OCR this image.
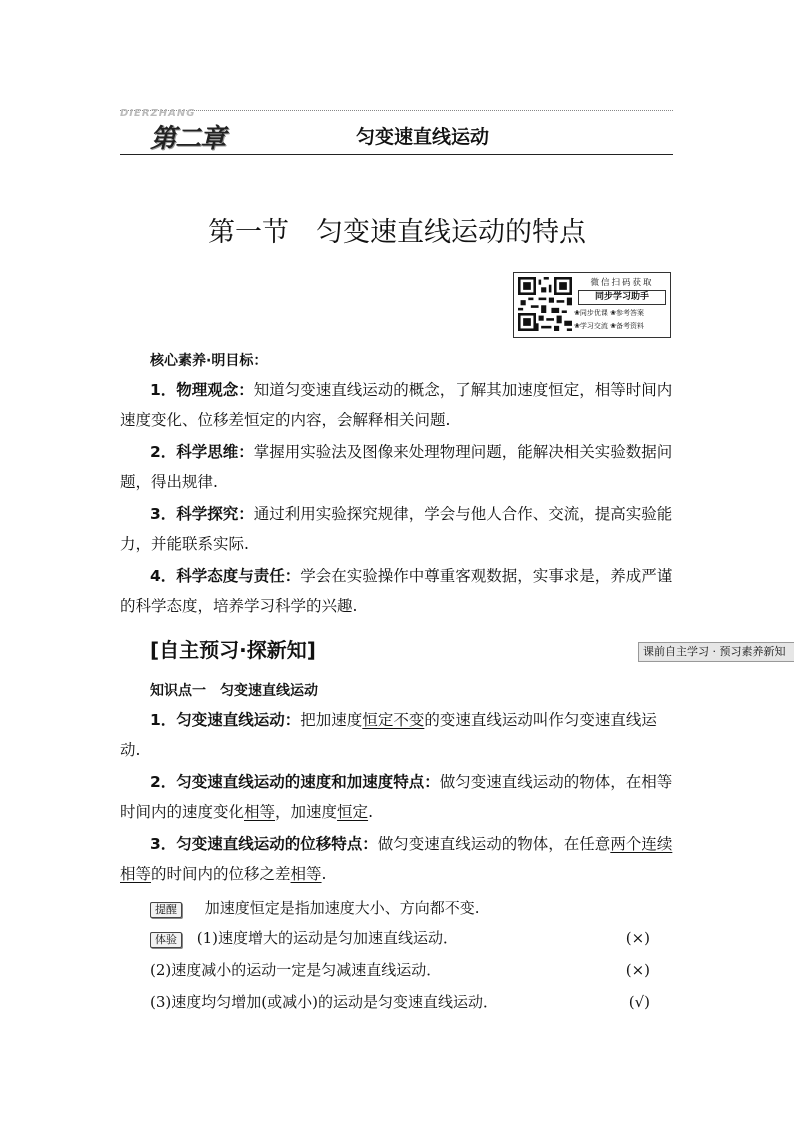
DIERZHANG
第二章	匀变速直线运动
第一节　匀变速直线运动的特点
微信扫码获取
同步学习助手
❀同步优课 ❀参考答案
❀学习交流 ❀备考资料
核心素养·明目标：
1．物理观念：知道匀变速直线运动的概念，了解其加速度恒定，相等时间内速度变化、位移差恒定的内容，会解释相关问题.
2．科学思维：掌握用实验法及图像来处理物理问题，能解决相关实验数据问题，得出规律.
3．科学探究：通过利用实验探究规律，学会与他人合作、交流，提高实验能力，并能联系实际.
4．科学态度与责任：学会在实验操作中尊重客观数据，实事求是，养成严谨的科学态度，培养学习科学的兴趣.
[自主预习·探新知]	课前自主学习 · 预习素养新知
知识点一　匀变速直线运动
1．匀变速直线运动：把加速度恒定不变的变速直线运动叫作匀变速直线运动.
2．匀变速直线运动的速度和加速度特点：做匀变速直线运动的物体，在相等时间内的速度变化相等，加速度恒定.
3．匀变速直线运动的位移特点：做匀变速直线运动的物体，在任意两个连续相等的时间内的位移之差相等.
提醒 加速度恒定是指加速度大小、方向都不变.
体验 (1)速度增大的运动是匀加速直线运动．	(×)
(2)速度减小的运动一定是匀减速直线运动．	(×)
(3)速度均匀增加(或减小)的运动是匀变速直线运动．	(√)
